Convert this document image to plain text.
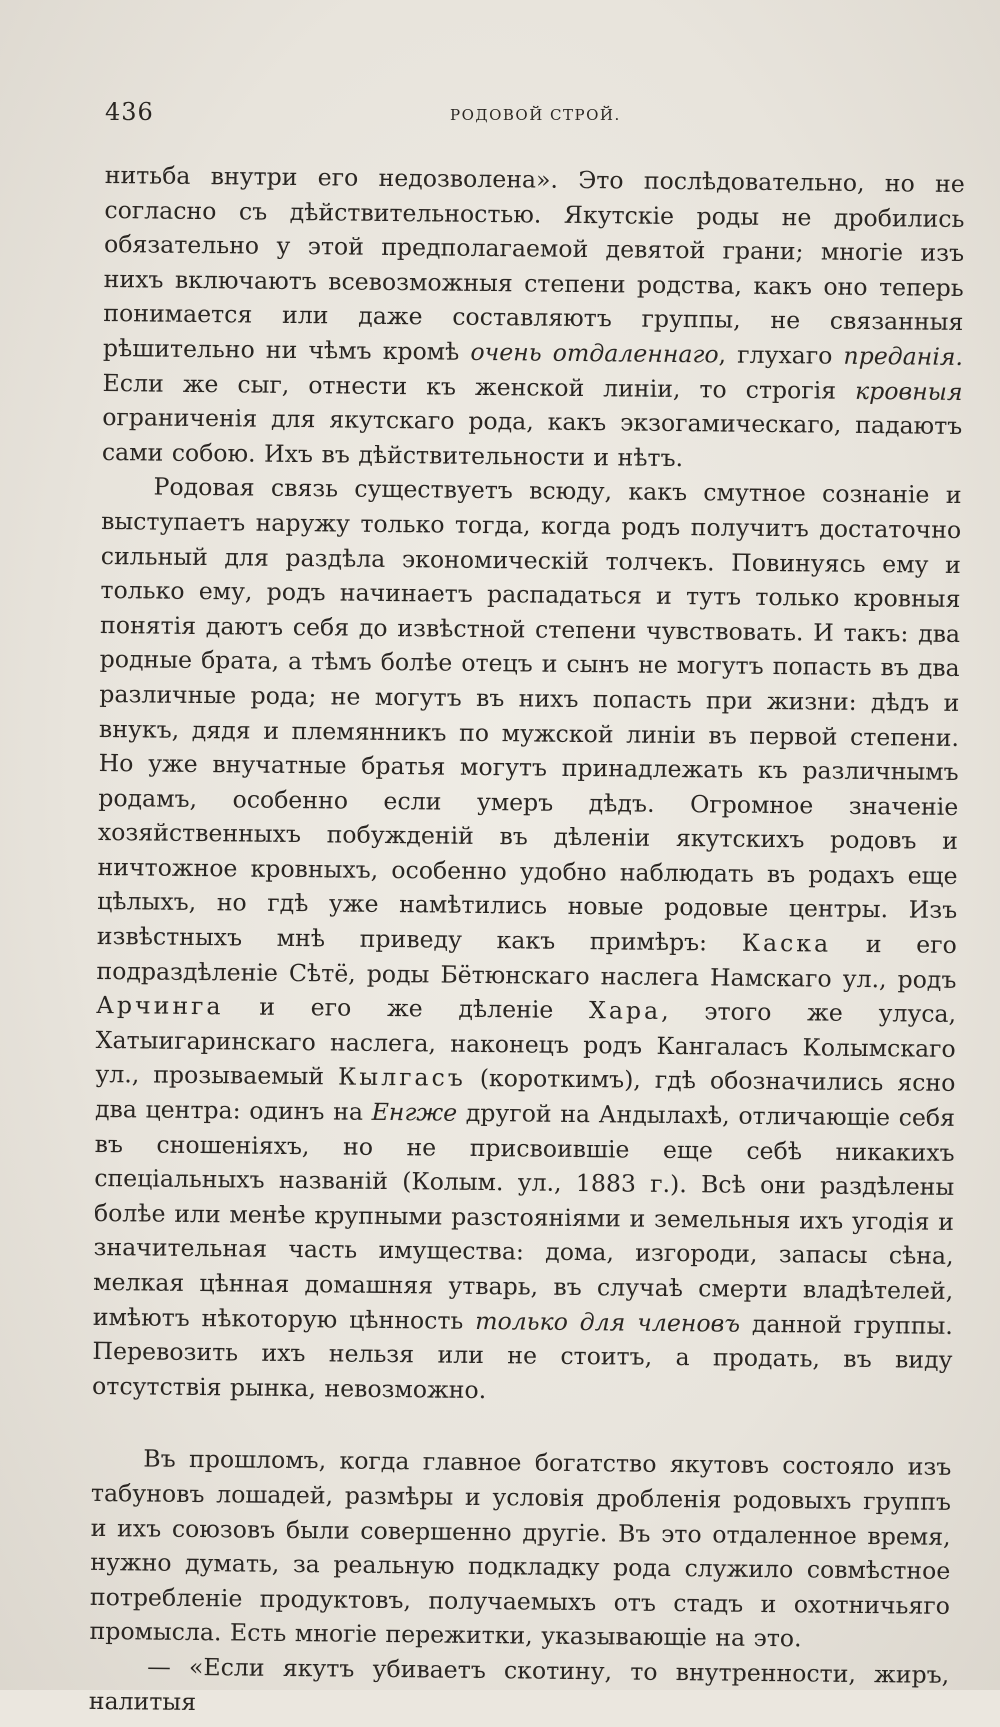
436	РОДОВОЙ СТРОЙ.

нитьба внутри его недозволена». Это послѣдовательно, но не согласно съ дѣйствительностью. Якутскiе роды не дробились обязательно у этой предполагаемой девятой грани; многiе изъ нихъ включаютъ всевозможныя степени родства, какъ оно теперь понимается или даже составляютъ группы, не связанныя рѣшительно ни чѣмъ кромѣ очень отдаленнаго, глухаго преданiя. Если же сыг, отнести къ женской линiи, то строгiя кровныя ограниченiя для якутскаго рода, какъ экзогамическаго, падаютъ сами собою. Ихъ въ дѣйствительности и нѣтъ.

Родовая связь существуетъ всюду, какъ смутное сознанiе и выступаетъ наружу только тогда, когда родъ получитъ достаточно сильный для раздѣла экономическiй толчекъ. Повинуясь ему и только ему, родъ начинаетъ распадаться и тутъ только кровныя понятiя даютъ себя до извѣстной степени чувствовать. И такъ: два родные брата, а тѣмъ болѣе отецъ и сынъ не могутъ попасть въ два различные рода; не могутъ въ нихъ попасть при жизни: дѣдъ и внукъ, дядя и племянникъ по мужской линiи въ первой степени. Но уже внучатные братья могутъ принадлежать къ различнымъ родамъ, особенно если умеръ дѣдъ. Огромное значенiе хозяйственныхъ побужденiй въ дѣленiи якутскихъ родовъ и ничтожное кровныхъ, особенно удобно наблюдать въ родахъ еще цѣлыхъ, но гдѣ уже намѣтились новые родовые центры. Изъ извѣстныхъ мнѣ приведу какъ примѣръ: Каска и его подраздѣленiе Сѣтё, роды Бётюнскаго наслега Намскаго ул., родъ Арчинга и его же дѣленiе Хара, этого же улуса, Хатыигаринскаго наслега, наконецъ родъ Кангаласъ Колымскаго ул., прозываемый Кылгасъ (короткимъ), гдѣ обозначились ясно два центра: одинъ на Енгже другой на Андылахѣ, отличающiе себя въ сношенiяхъ, но не присвоившiе еще себѣ никакихъ спецiальныхъ названiй (Колым. ул., 1883 г.). Всѣ они раздѣлены болѣе или менѣе крупными разстоянiями и земельныя ихъ угодiя и значительная часть имущества: дома, изгороди, запасы сѣна, мелкая цѣнная домашняя утварь, въ случаѣ смерти владѣтелей, имѣютъ нѣкоторую цѣнность только для членовъ данной группы. Перевозить ихъ нельзя или не стоитъ, а продать, въ виду отсутствiя рынка, невозможно.

Въ прошломъ, когда главное богатство якутовъ состояло изъ табуновъ лошадей, размѣры и условiя дробленiя родовыхъ группъ и ихъ союзовъ были совершенно другiе. Въ это отдаленное время, нужно думать, за реальную подкладку рода служило совмѣстное потребленiе продуктовъ, получаемыхъ отъ стадъ и охотничьяго промысла. Есть многiе пережитки, указывающiе на это.

— «Если якутъ убиваетъ скотину, то внутренности, жиръ, налитыя
